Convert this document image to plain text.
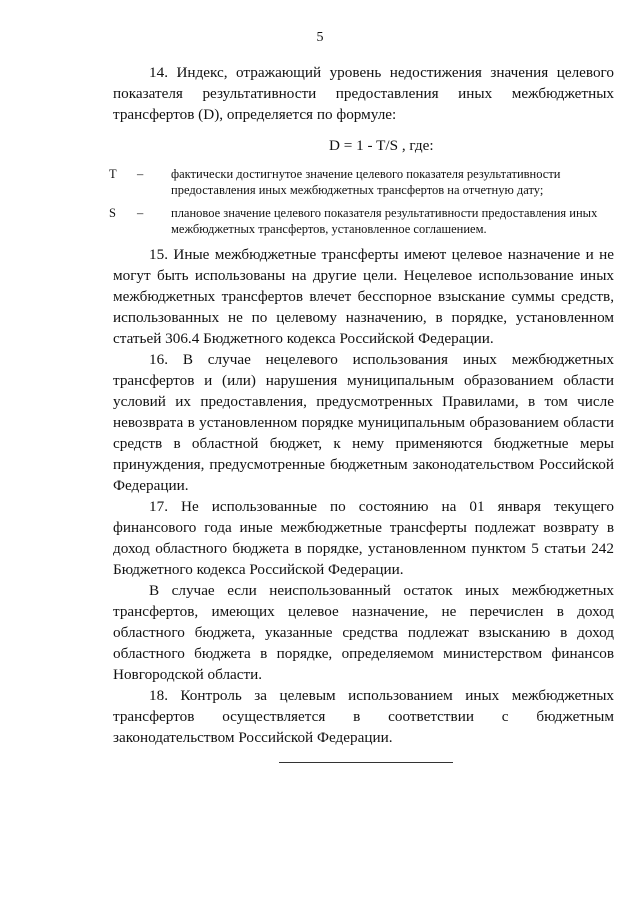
5

14. Индекс, отражающий уровень недостижения значения целевого показателя результативности предоставления иных межбюджетных трансфертов (D), определяется по формуле:

D = 1 - T/S , где:

T	–	фактически достигнутое значение целевого показателя результативности предоставления иных межбюджетных трансфертов на отчетную дату;
S	–	плановое значение целевого показателя результативности предоставления иных межбюджетных трансфертов, установленное соглашением.

15. Иные межбюджетные трансферты имеют целевое назначение и не могут быть использованы на другие цели. Нецелевое использование иных межбюджетных трансфертов влечет бесспорное взыскание суммы средств, использованных не по целевому назначению, в порядке, установленном статьей 306.4 Бюджетного кодекса Российской Федерации.

16. В случае нецелевого использования иных межбюджетных трансфертов и (или) нарушения муниципальным образованием области условий их предоставления, предусмотренных Правилами, в том числе невозврата в установленном порядке муниципальным образованием области средств в областной бюджет, к нему применяются бюджетные меры принуждения, предусмотренные бюджетным законодательством Российской Федерации.

17. Не использованные по состоянию на 01 января текущего финансового года иные межбюджетные трансферты подлежат возврату в доход областного бюджета в порядке, установленном пунктом 5 статьи 242 Бюджетного кодекса Российской Федерации.

В случае если неиспользованный остаток иных межбюджетных трансфертов, имеющих целевое назначение, не перечислен в доход областного бюджета, указанные средства подлежат взысканию в доход областного бюджета в порядке, определяемом министерством финансов Новгородской области.

18. Контроль за целевым использованием иных межбюджетных трансфертов осуществляется в соответствии с бюджетным законодательством Российской Федерации.
